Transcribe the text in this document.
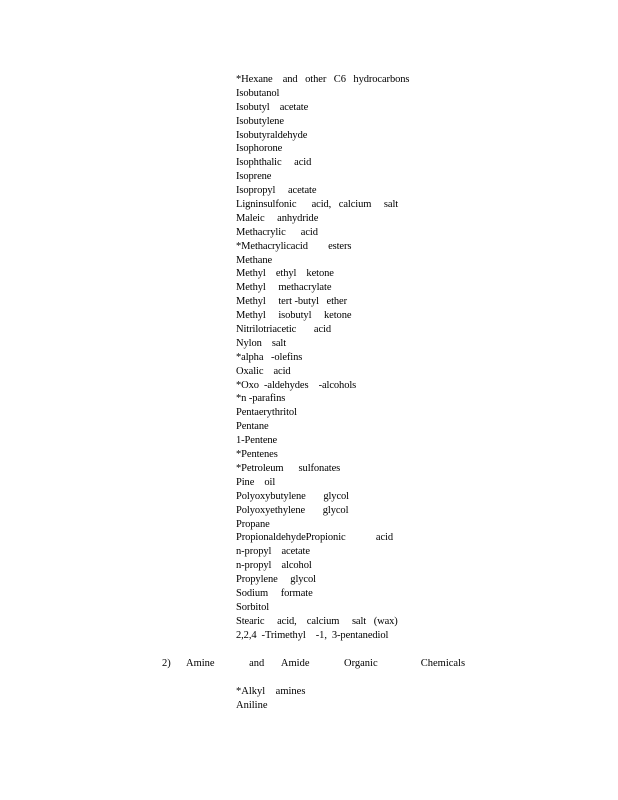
*Hexane    and   other   C6   hydrocarbons
Isobutanol
Isobutyl    acetate
Isobutylene
Isobutyraldehyde
Isophorone
Isophthalic     acid
Isoprene
Isopropyl     acetate
Ligninsulfonic      acid,   calcium     salt
Maleic     anhydride
Methacrylic      acid
*Methacrylicacid        esters
Methane
Methyl    ethyl    ketone
Methyl     methacrylate
Methyl     tert -butyl   ether
Methyl     isobutyl     ketone
Nitrilotriacetic       acid
Nylon    salt
*alpha   -olefins
Oxalic    acid
*Oxo  -aldehydes    -alcohols
*n -parafins
Pentaerythritol
Pentane
1-Pentene
*Pentenes
*Petroleum      sulfonates
Pine    oil
Polyoxybutylene       glycol
Polyoxyethylene       glycol
Propane
PropionaldehydePropionic            acid
n-propyl    acetate
n-propyl    alcohol
Propylene     glycol
Sodium     formate
Sorbitol
Stearic     acid,    calcium     salt   (wax)
2,2,4  -Trimethyl    -1,  3-pentanediol

2)

Amine    and  Amide    Organic     Chemicals

*Alkyl    amines
Aniline
